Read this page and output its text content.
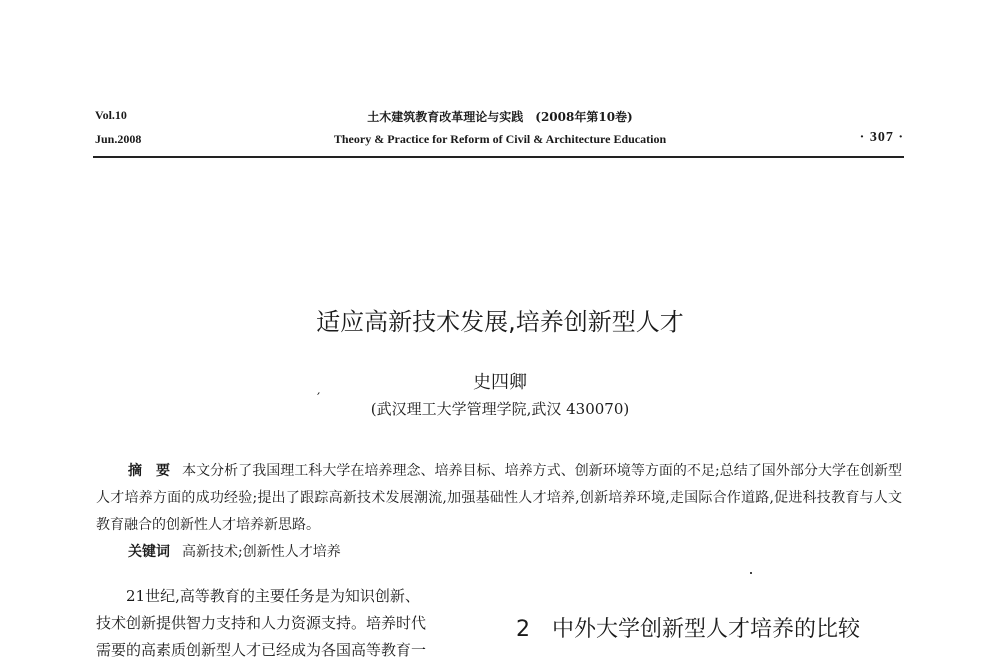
Vol.10
Jun.2008
土木建筑教育改革理论与实践　(2008年第10卷)
Theory & Practice for Reform of Civil & Architecture Education	· 307 ·
适应高新技术发展,培养创新型人才
史四卿
′
(武汉理工大学管理学院,武汉 430070)

摘　要 本文分析了我国理工科大学在培养理念、培养目标、培养方式、创新环境等方面的不足;总结了国外部分大学在创新型人才培养方面的成功经验;提出了跟踪高新技术发展潮流,加强基础性人才培养,创新培养环境,走国际合作道路,促进科技教育与人文教育融合的创新性人才培养新思路。

关键词 高新技术;创新性人才培养

21世纪,高等教育的主要任务是为知识创新、

技术创新提供智力支持和人力资源支持。培养时代

需要的高素质创新型人才已经成为各国高等教育一

2 中外大学创新型人才培养的比较
